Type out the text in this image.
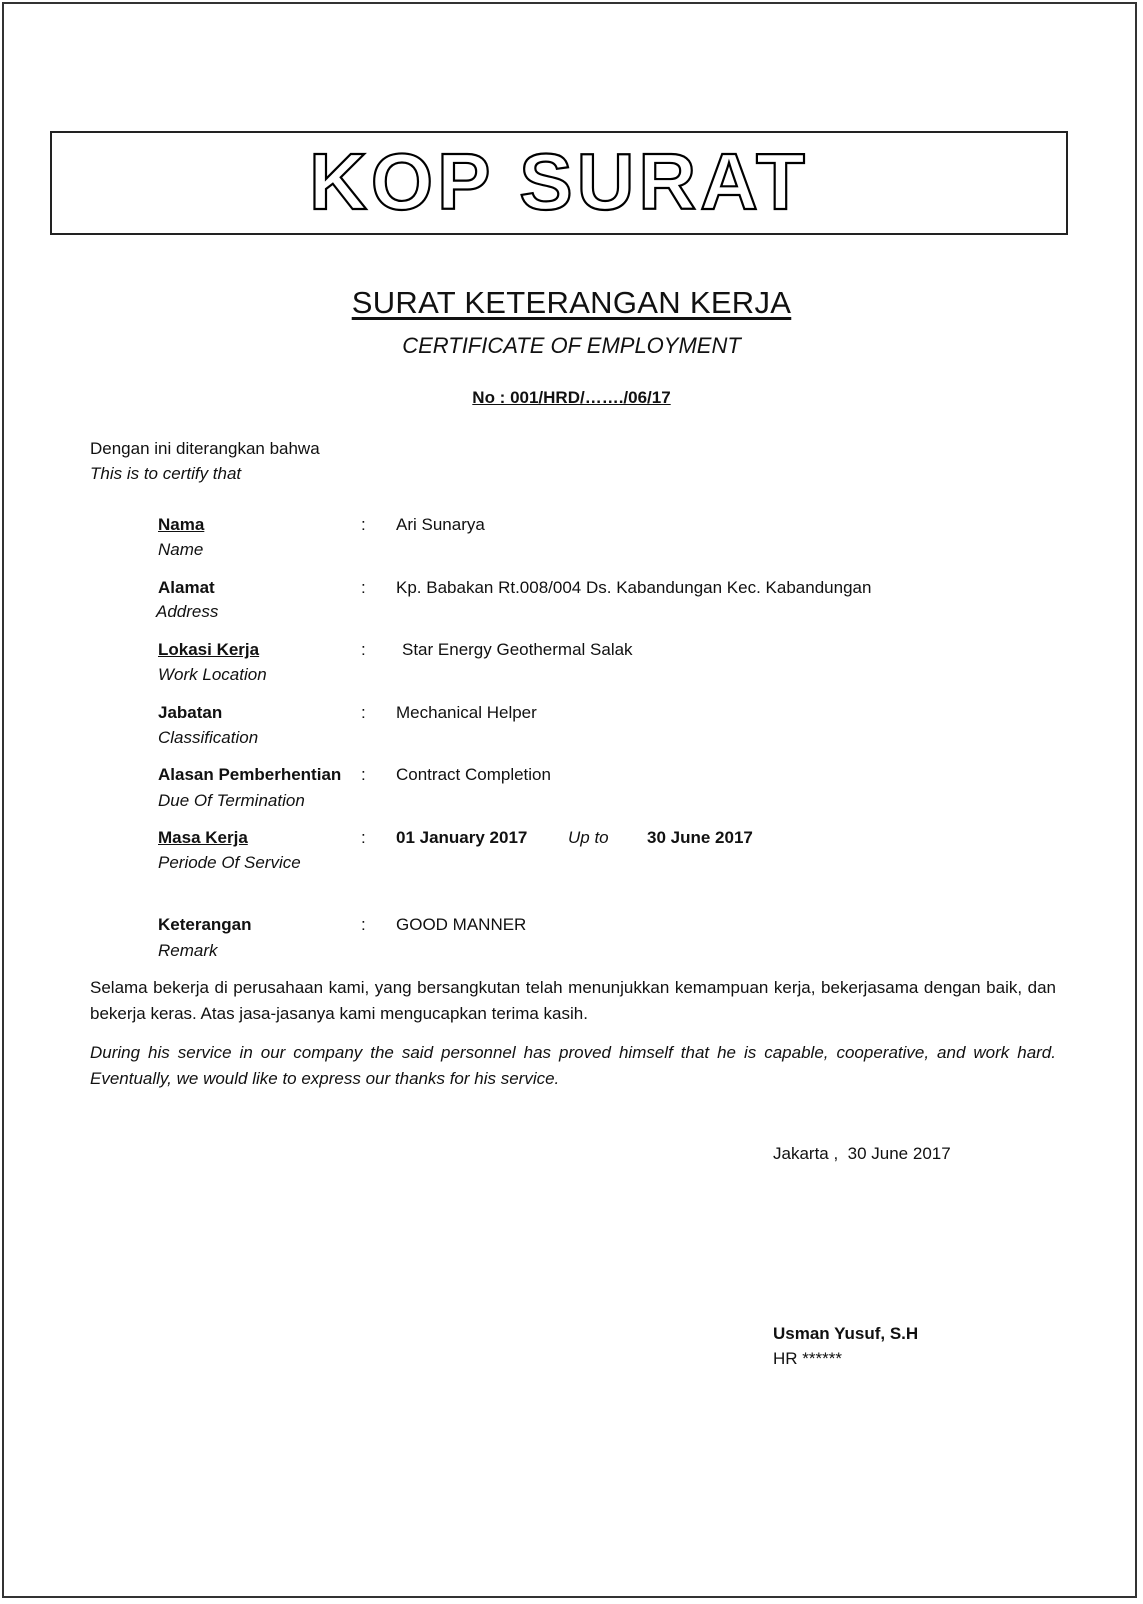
KOP SURAT
SURAT KETERANGAN KERJA
CERTIFICATE OF EMPLOYMENT
No : 001/HRD/……./06/17
Dengan ini diterangkan bahwa
This is to certify that
Nama
Name
: Ari Sunarya
Alamat
Address
: Kp. Babakan Rt.008/004 Ds. Kabandungan Kec. Kabandungan
Lokasi Kerja
Work Location
: Star Energy Geothermal Salak
Jabatan
Classification
: Mechanical Helper
Alasan Pemberhentian
Due Of Termination
: Contract Completion
Masa Kerja
Periode Of Service
: 01 January 2017 Up to 30 June 2017
Keterangan
Remark
: GOOD MANNER
Selama bekerja di perusahaan kami, yang bersangkutan telah menunjukkan kemampuan kerja, bekerjasama dengan baik, dan bekerja keras. Atas jasa-jasanya kami mengucapkan terima kasih.
During his service in our company the said personnel has proved himself that he is capable, cooperative, and work hard. Eventually, we would like to express our thanks for his service.
Jakarta ,  30 June 2017
Usman Yusuf, S.H
HR ******
